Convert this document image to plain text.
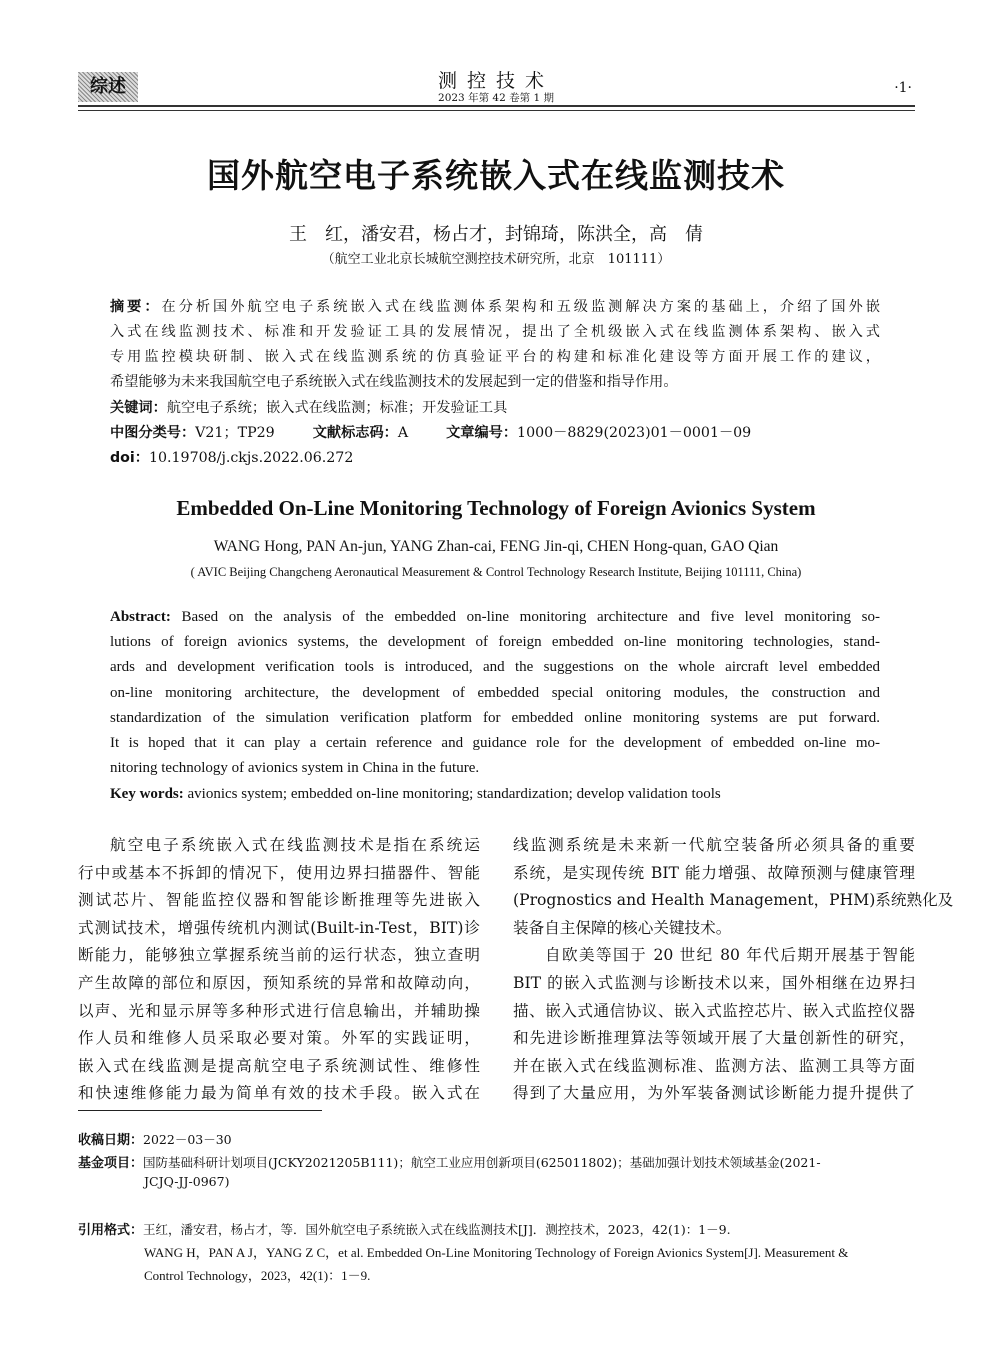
综述	测控技术
2023 年第 42 卷第 1 期
·1·
国外航空电子系统嵌入式在线监测技术
王　红，潘安君，杨占才，封锦琦，陈洪全，高　倩
（航空工业北京长城航空测控技术研究所，北京　101111）
摘要：在分析国外航空电子系统嵌入式在线监测体系架构和五级监测解决方案的基础上，介绍了国外嵌
入式在线监测技术、标准和开发验证工具的发展情况，提出了全机级嵌入式在线监测体系架构、嵌入式
专用监控模块研制、嵌入式在线监测系统的仿真验证平台的构建和标准化建设等方面开展工作的建议，
希望能够为未来我国航空电子系统嵌入式在线监测技术的发展起到一定的借鉴和指导作用。
关键词：航空电子系统；嵌入式在线监测；标准；开发验证工具
中图分类号：V21；TP29	文献标志码：A	文章编号：1000－8829(2023)01－0001－09
doi：10.19708/j.ckjs.2022.06.272
Embedded On-Line Monitoring Technology of Foreign Avionics System
WANG Hong, PAN An-jun, YANG Zhan-cai, FENG Jin-qi, CHEN Hong-quan, GAO Qian
( AVIC Beijing Changcheng Aeronautical Measurement & Control Technology Research Institute, Beijing 101111, China)
Abstract: Based on the analysis of the embedded on-line monitoring architecture and five level monitoring so-
lutions of foreign avionics systems, the development of foreign embedded on-line monitoring technologies, stand-
ards and development verification tools is introduced, and the suggestions on the whole aircraft level embedded
on-line monitoring architecture, the development of embedded special onitoring modules, the construction and
standardization of the simulation verification platform for embedded online monitoring systems are put forward.
It is hoped that it can play a certain reference and guidance role for the development of embedded on-line mo-
nitoring technology of avionics system in China in the future.
Key words: avionics system; embedded on-line monitoring; standardization; develop validation tools
航空电子系统嵌入式在线监测技术是指在系统运
行中或基本不拆卸的情况下，使用边界扫描器件、智能
测试芯片、智能监控仪器和智能诊断推理等先进嵌入
式测试技术，增强传统机内测试(Built-in-Test，BIT)诊
断能力，能够独立掌握系统当前的运行状态，独立查明
产生故障的部位和原因，预知系统的异常和故障动向，
以声、光和显示屏等多种形式进行信息输出，并辅助操
作人员和维修人员采取必要对策。外军的实践证明，
嵌入式在线监测是提高航空电子系统测试性、维修性
和快速维修能力最为简单有效的技术手段。嵌入式在
线监测系统是未来新一代航空装备所必须具备的重要
系统，是实现传统 BIT 能力增强、故障预测与健康管理
(Prognostics and Health Management，PHM)系统熟化及
装备自主保障的核心关键技术。
自欧美等国于 20 世纪 80 年代后期开展基于智能
BIT 的嵌入式监测与诊断技术以来，国外相继在边界扫
描、嵌入式通信协议、嵌入式监控芯片、嵌入式监控仪器
和先进诊断推理算法等领域开展了大量创新性的研究，
并在嵌入式在线监测标准、监测方法、监测工具等方面
得到了大量应用，为外军装备测试诊断能力提升提供了
收稿日期：2022－03－30
基金项目：国防基础科研计划项目(JCKY2021205B111)；航空工业应用创新项目(625011802)；基础加强计划技术领域基金(2021-
JCJQ-JJ-0967)
引用格式：王红，潘安君，杨占才，等．国外航空电子系统嵌入式在线监测技术[J]．测控技术，2023，42(1)：1－9.
WANG H，PAN A J，YANG Z C，et al. Embedded On-Line Monitoring Technology of Foreign Avionics System[J]. Measurement &
Control Technology，2023，42(1)：1－9.
